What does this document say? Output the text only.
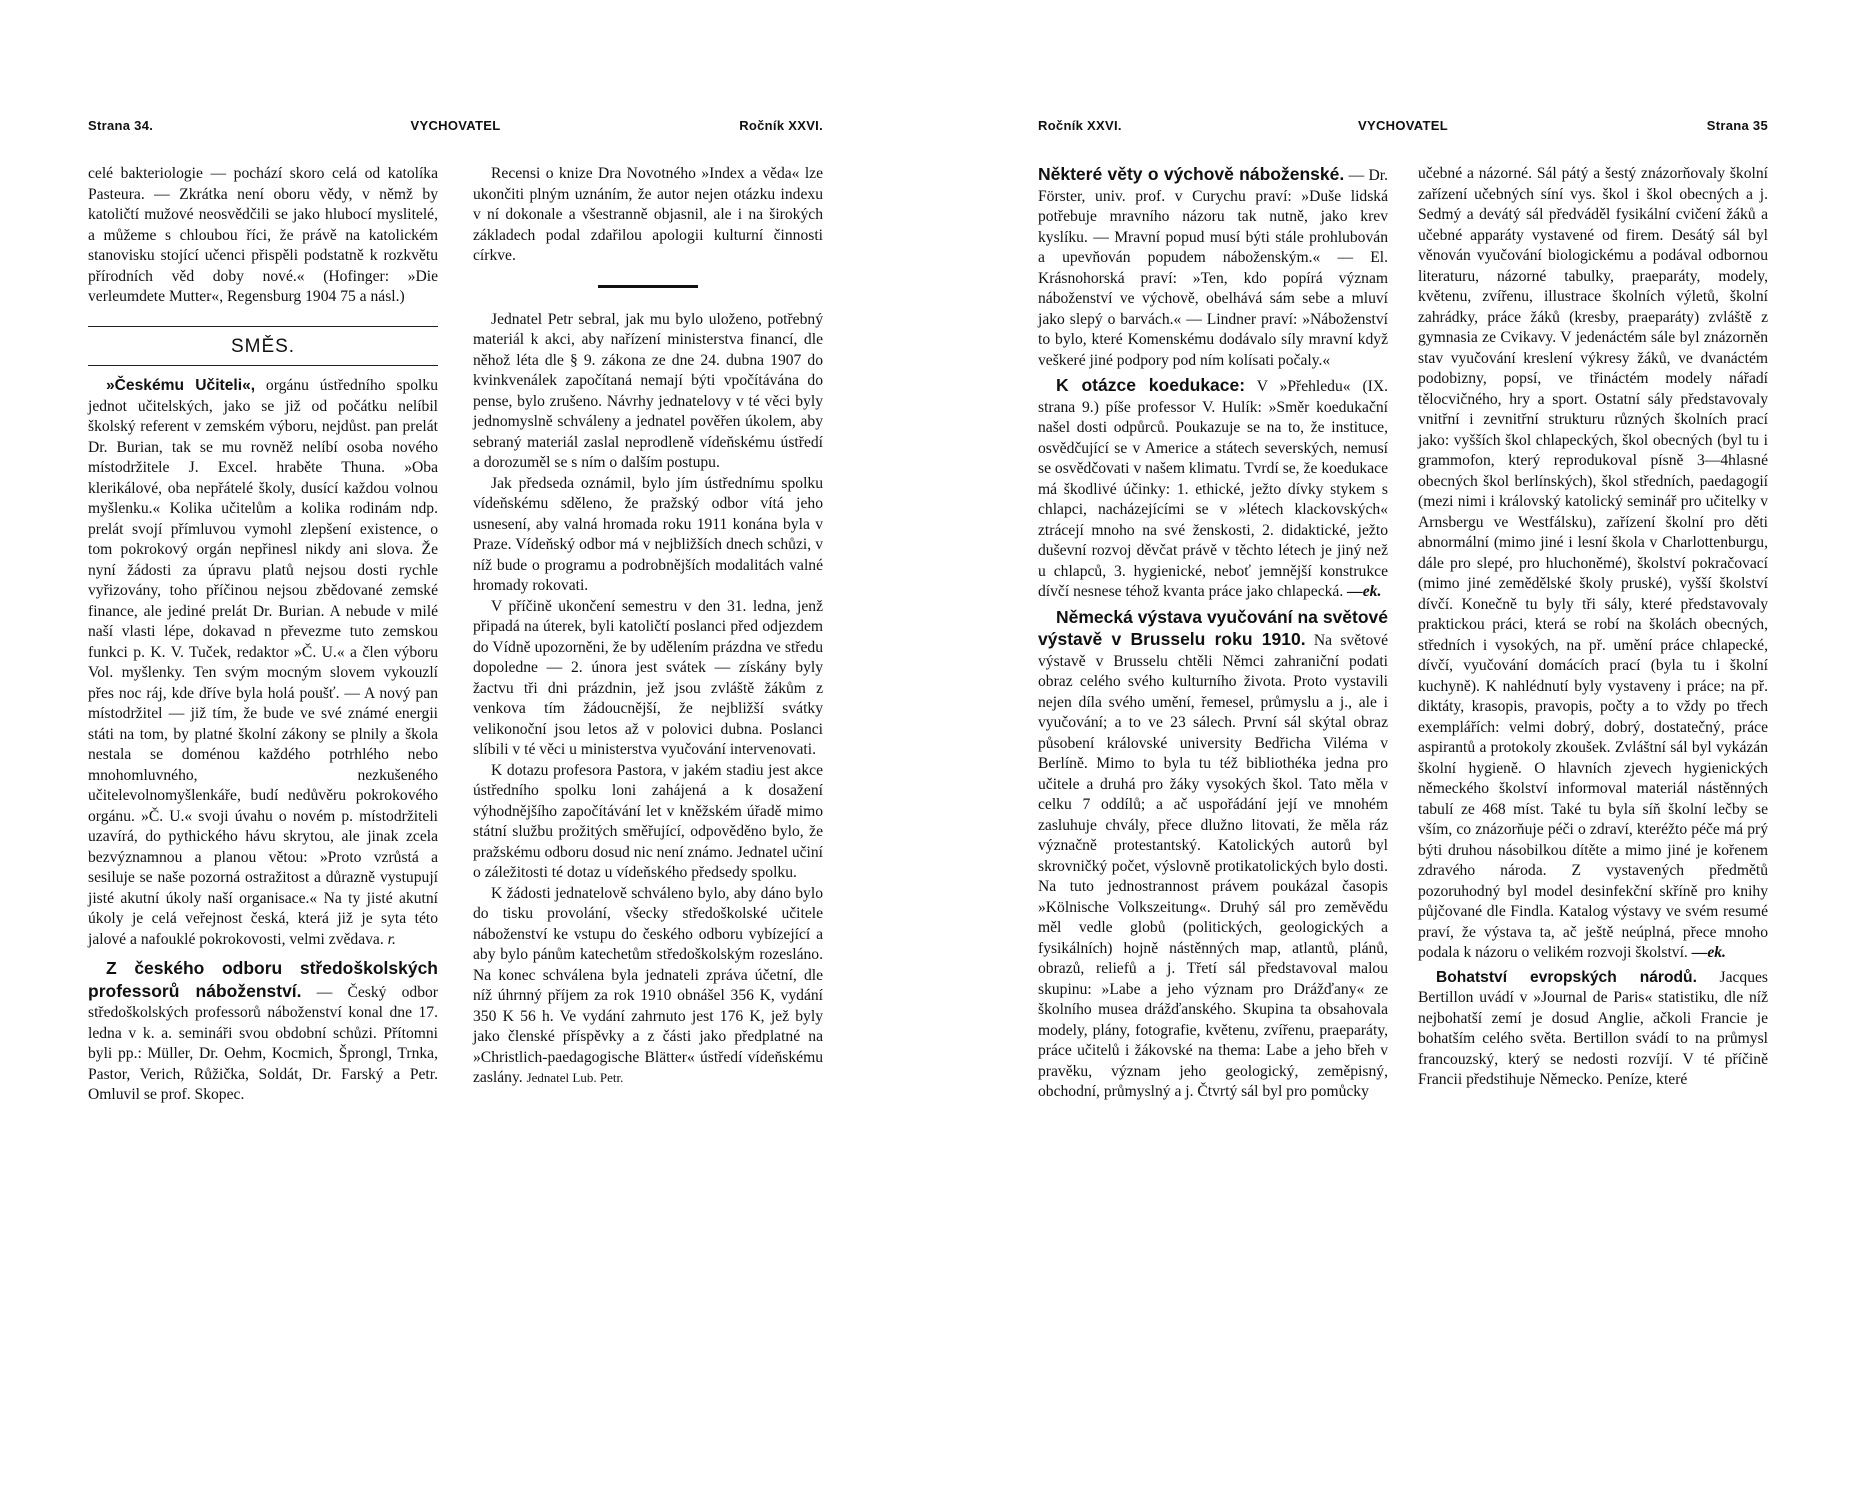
Strana 34.	VYCHOVATEL	Ročník XXVI.

celé bakteriologie — pochází skoro celá od katolíka Pasteura. — Zkrátka není oboru vědy, v němž by katoličtí mužové neosvědčili se jako hlubocí myslitelé, a můžeme s chloubou říci, že právě na katolickém stanovisku stojící učenci přispěli podstatně k rozkvětu přírodních věd doby nové.« (Hofinger: »Die verleumdete Mutter«, Regensburg 1904 75 a násl.)

SMĚS.

»Českému Učiteli«, orgánu ústředního spolku jednot učitelských, jako se již od počátku nelíbil školský referent v zemském výboru, nejdůst. pan prelát Dr. Burian, tak se mu rovněž nelíbí osoba nového místodržitele J. Excel. hraběte Thuna. »Oba klerikálové, oba nepřátelé školy, dusící každou volnou myšlenku.« Kolika učitelům a kolika rodinám ndp. prelát svojí přímluvou vymohl zlepšení existence, o tom pokrokový orgán nepřinesl nikdy ani slova. Že nyní žádosti za úpravu platů nejsou dosti rychle vyřizovány, toho příčinou nejsou zbědované zemské finance, ale jediné prelát Dr. Burian. A nebude v milé naší vlasti lépe, dokavad n převezme tuto zemskou funkci p. K. V. Tuček, redaktor »Č. U.« a člen výboru Vol. myšlenky. Ten svým mocným slovem vykouzlí přes noc ráj, kde dříve byla holá poušť. — A nový pan místodržitel — již tím, že bude ve své známé energii státi na tom, by platné školní zákony se plnily a škola nestala se doménou každého potrhlého nebo mnohomluvného, nezkušeného učitelevolnomyšlenkáře, budí nedůvěru pokrokového orgánu. »Č. U.« svoji úvahu o novém p. místodržiteli uzavírá, do pythického hávu skrytou, ale jinak zcela bezvýznamnou a planou větou: »Proto vzrůstá a sesiluje se naše pozorná ostražitost a důrazně vystupují jisté akutní úkoly naší organisace.« Na ty jisté akutní úkoly je celá veřejnost česká, která již je syta této jalové a nafouklé pokrokovosti, velmi zvědava. r.

Z českého odboru středoškolských professorů náboženství. — Český odbor středoškolských professorů náboženství konal dne 17. ledna v k. a. semináři svou obdobní schůzi. Přítomni byli pp.: Müller, Dr. Oehm, Kocmich, Šprongl, Trnka, Pastor, Verich, Růžička, Soldát, Dr. Farský a Petr. Omluvil se prof. Skopec.

Recensi o knize Dra Novotného »Index a věda« lze ukončiti plným uznáním, že autor nejen otázku indexu v ní dokonale a všestranně objasnil, ale i na širokých základech podal zdařilou apologii kulturní činnosti církve.

Jednatel Petr sebral, jak mu bylo uloženo, potřebný materiál k akci, aby nařízení ministerstva financí, dle něhož léta dle § 9. zákona ze dne 24. dubna 1907 do kvinkvenálek započítaná nemají býti vpočítávána do pense, bylo zrušeno. Návrhy jednatelovy v té věci byly jednomyslně schváleny a jednatel pověřen úkolem, aby sebraný materiál zaslal neprodleně vídeňskému ústředí a dorozuměl se s ním o dalším postupu.

Jak předseda oznámil, bylo jím ústřednímu spolku vídeňskému sděleno, že pražský odbor vítá jeho usnesení, aby valná hromada roku 1911 konána byla v Praze. Vídeňský odbor má v nejbližších dnech schůzi, v níž bude o programu a podrobnějších modalitách valné hromady rokovati.

V příčině ukončení semestru v den 31. ledna, jenž připadá na úterek, byli katoličtí poslanci před odjezdem do Vídně upozorněni, že by udělením prázdna ve středu dopoledne — 2. února jest svátek — získány byly žactvu tři dni prázdnin, jež jsou zvláště žákům z venkova tím žádoucnější, že nejbližší svátky velikonoční jsou letos až v polovici dubna. Poslanci slíbili v té věci u ministerstva vyučování intervenovati.

K dotazu profesora Pastora, v jakém stadiu jest akce ústředního spolku loni zahájená a k dosažení výhodnějšího započítávání let v kněžském úřadě mimo státní službu prožitých směřující, odpověděno bylo, že pražskému odboru dosud nic není známo. Jednatel učiní o záležitosti té dotaz u vídeňského předsedy spolku.

K žádosti jednatelově schváleno bylo, aby dáno bylo do tisku provolání, všecky středoškolské učitele náboženství ke vstupu do českého odboru vybízející a aby bylo pánům katechetům středoškolským rozesláno. Na konec schválena byla jednateli zpráva účetní, dle níž úhrnný příjem za rok 1910 obnášel 356 K, vydání 350 K 56 h. Ve vydání zahrnuto jest 176 K, jež byly jako členské příspěvky a z části jako předplatné na »Christlich-paedagogische Blätter« ústředí vídeňskému zaslány. Jednatel Lub. Petr.

Ročník XXVI.	VYCHOVATEL	Strana 35

Některé věty o výchově náboženské. — Dr. Förster, univ. prof. v Curychu praví: »Duše lidská potřebuje mravního názoru tak nutně, jako krev kyslíku. — Mravní popud musí býti stále prohlubován a upevňován popudem náboženským.« — El. Krásnohorská praví: »Ten, kdo popírá význam náboženství ve výchově, obelhává sám sebe a mluví jako slepý o barvách.« — Lindner praví: »Náboženství to bylo, které Komenskému dodávalo síly mravní když veškeré jiné podpory pod ním kolísati počaly.«

K otázce koedukace: V »Přehledu« (IX. strana 9.) píše professor V. Hulík: »Směr koedukační našel dosti odpůrců. Poukazuje se na to, že instituce, osvědčující se v Americe a státech severských, nemusí se osvědčovati v našem klimatu. Tvrdí se, že koedukace má škodlivé účinky: 1. ethické, ježto dívky stykem s chlapci, nacházejícími se v »létech klackovských« ztrácejí mnoho na své ženskosti, 2. didaktické, ježto duševní rozvoj děvčat právě v těchto létech je jiný než u chlapců, 3. hygienické, neboť jemnější konstrukce dívčí nesnese téhož kvanta práce jako chlapecká. —ek.

Německá výstava vyučování na světové výstavě v Brusselu roku 1910. Na světové výstavě v Brusselu chtěli Němci zahraniční podati obraz celého svého kulturního života. Proto vystavili nejen díla svého umění, řemesel, průmyslu a j., ale i vyučování; a to ve 23 sálech. První sál skýtal obraz působení královské university Bedřicha Viléma v Berlíně. Mimo to byla tu též bibliothéka jedna pro učitele a druhá pro žáky vysokých škol. Tato měla v celku 7 oddílů; a ač uspořádání její ve mnohém zasluhuje chvály, přece dlužno litovati, že měla ráz význačně protestantský. Katolických autorů byl skrovničký počet, výslovně protikatolických bylo dosti. Na tuto jednostrannost právem poukázal časopis »Kölnische Volkszeitung«. Druhý sál pro zeměvědu měl vedle globů (politických, geologických a fysikálních) hojně nástěnných map, atlantů, plánů, obrazů, reliefů a j. Třetí sál představoval malou skupinu: »Labe a jeho význam pro Drážďany« ze školního musea drážďanského. Skupina ta obsahovala modely, plány, fotografie, květenu, zvířenu, praeparáty, práce učitelů i žákovské na thema: Labe a jeho břeh v pravěku, význam jeho geologický, zeměpisný, obchodní, průmyslný a j. Čtvrtý sál byl pro pomůcky

učebné a názorné. Sál pátý a šestý znázorňovaly školní zařízení učebných síní vys. škol i škol obecných a j. Sedmý a devátý sál předváděl fysikální cvičení žáků a učebné apparáty vystavené od firem. Desátý sál byl věnován vyučování biologickému a podával odbornou literaturu, názorné tabulky, praeparáty, modely, květenu, zvířenu, illustrace školních výletů, školní zahrádky, práce žáků (kresby, praeparáty) zvláště z gymnasia ze Cvikavy. V jedenáctém sále byl znázorněn stav vyučování kreslení výkresy žáků, ve dvanáctém podobizny, popsí, ve třináctém modely nářadí tělocvičného, hry a sport. Ostatní sály představovaly vnitřní i zevnitřní strukturu různých školních prací jako: vyšších škol chlapeckých, škol obecných (byl tu i grammofon, který reprodukoval písně 3—4hlasné obecných škol berlínských), škol středních, paedagogií (mezi nimi i královský katolický seminář pro učitelky v Arnsbergu ve Westfálsku), zařízení školní pro děti abnormální (mimo jiné i lesní škola v Charlottenburgu, dále pro slepé, pro hluchoněmé), školství pokračovací (mimo jiné zemědělské školy pruské), vyšší školství dívčí. Konečně tu byly tři sály, které představovaly praktickou práci, která se robí na školách obecných, středních i vysokých, na př. umění práce chlapecké, dívčí, vyučování domácích prací (byla tu i školní kuchyně). K nahlédnutí byly vystaveny i práce; na př. diktáty, krasopis, pravopis, počty a to vždy po třech exemplářích: velmi dobrý, dobrý, dostatečný, práce aspirantů a protokoly zkoušek. Zvláštní sál byl vykázán školní hygieně. O hlavních zjevech hygienických německého školství informoval materiál nástěnných tabulí ze 468 míst. Také tu byla síň školní lečby se vším, co znázorňuje péči o zdraví, kteréžto péče má prý býti druhou násobilkou dítěte a mimo jiné je kořenem zdravého národa. Z vystavených předmětů pozoruhodný byl model desinfekční skříně pro knihy půjčované dle Findla. Katalog výstavy ve svém resumé praví, že výstava ta, ač ještě neúplná, přece mnoho podala k názoru o velikém rozvoji školství. —ek.

Bohatství evropských národů. Jacques Bertillon uvádí v »Journal de Paris« statistiku, dle níž nejbohatší zemí je dosud Anglie, ačkoli Francie je bohatším celého světa. Bertillon svádí to na průmysl francouzský, který se nedosti rozvíjí. V té příčině Francii předstihuje Německo. Peníze, které
